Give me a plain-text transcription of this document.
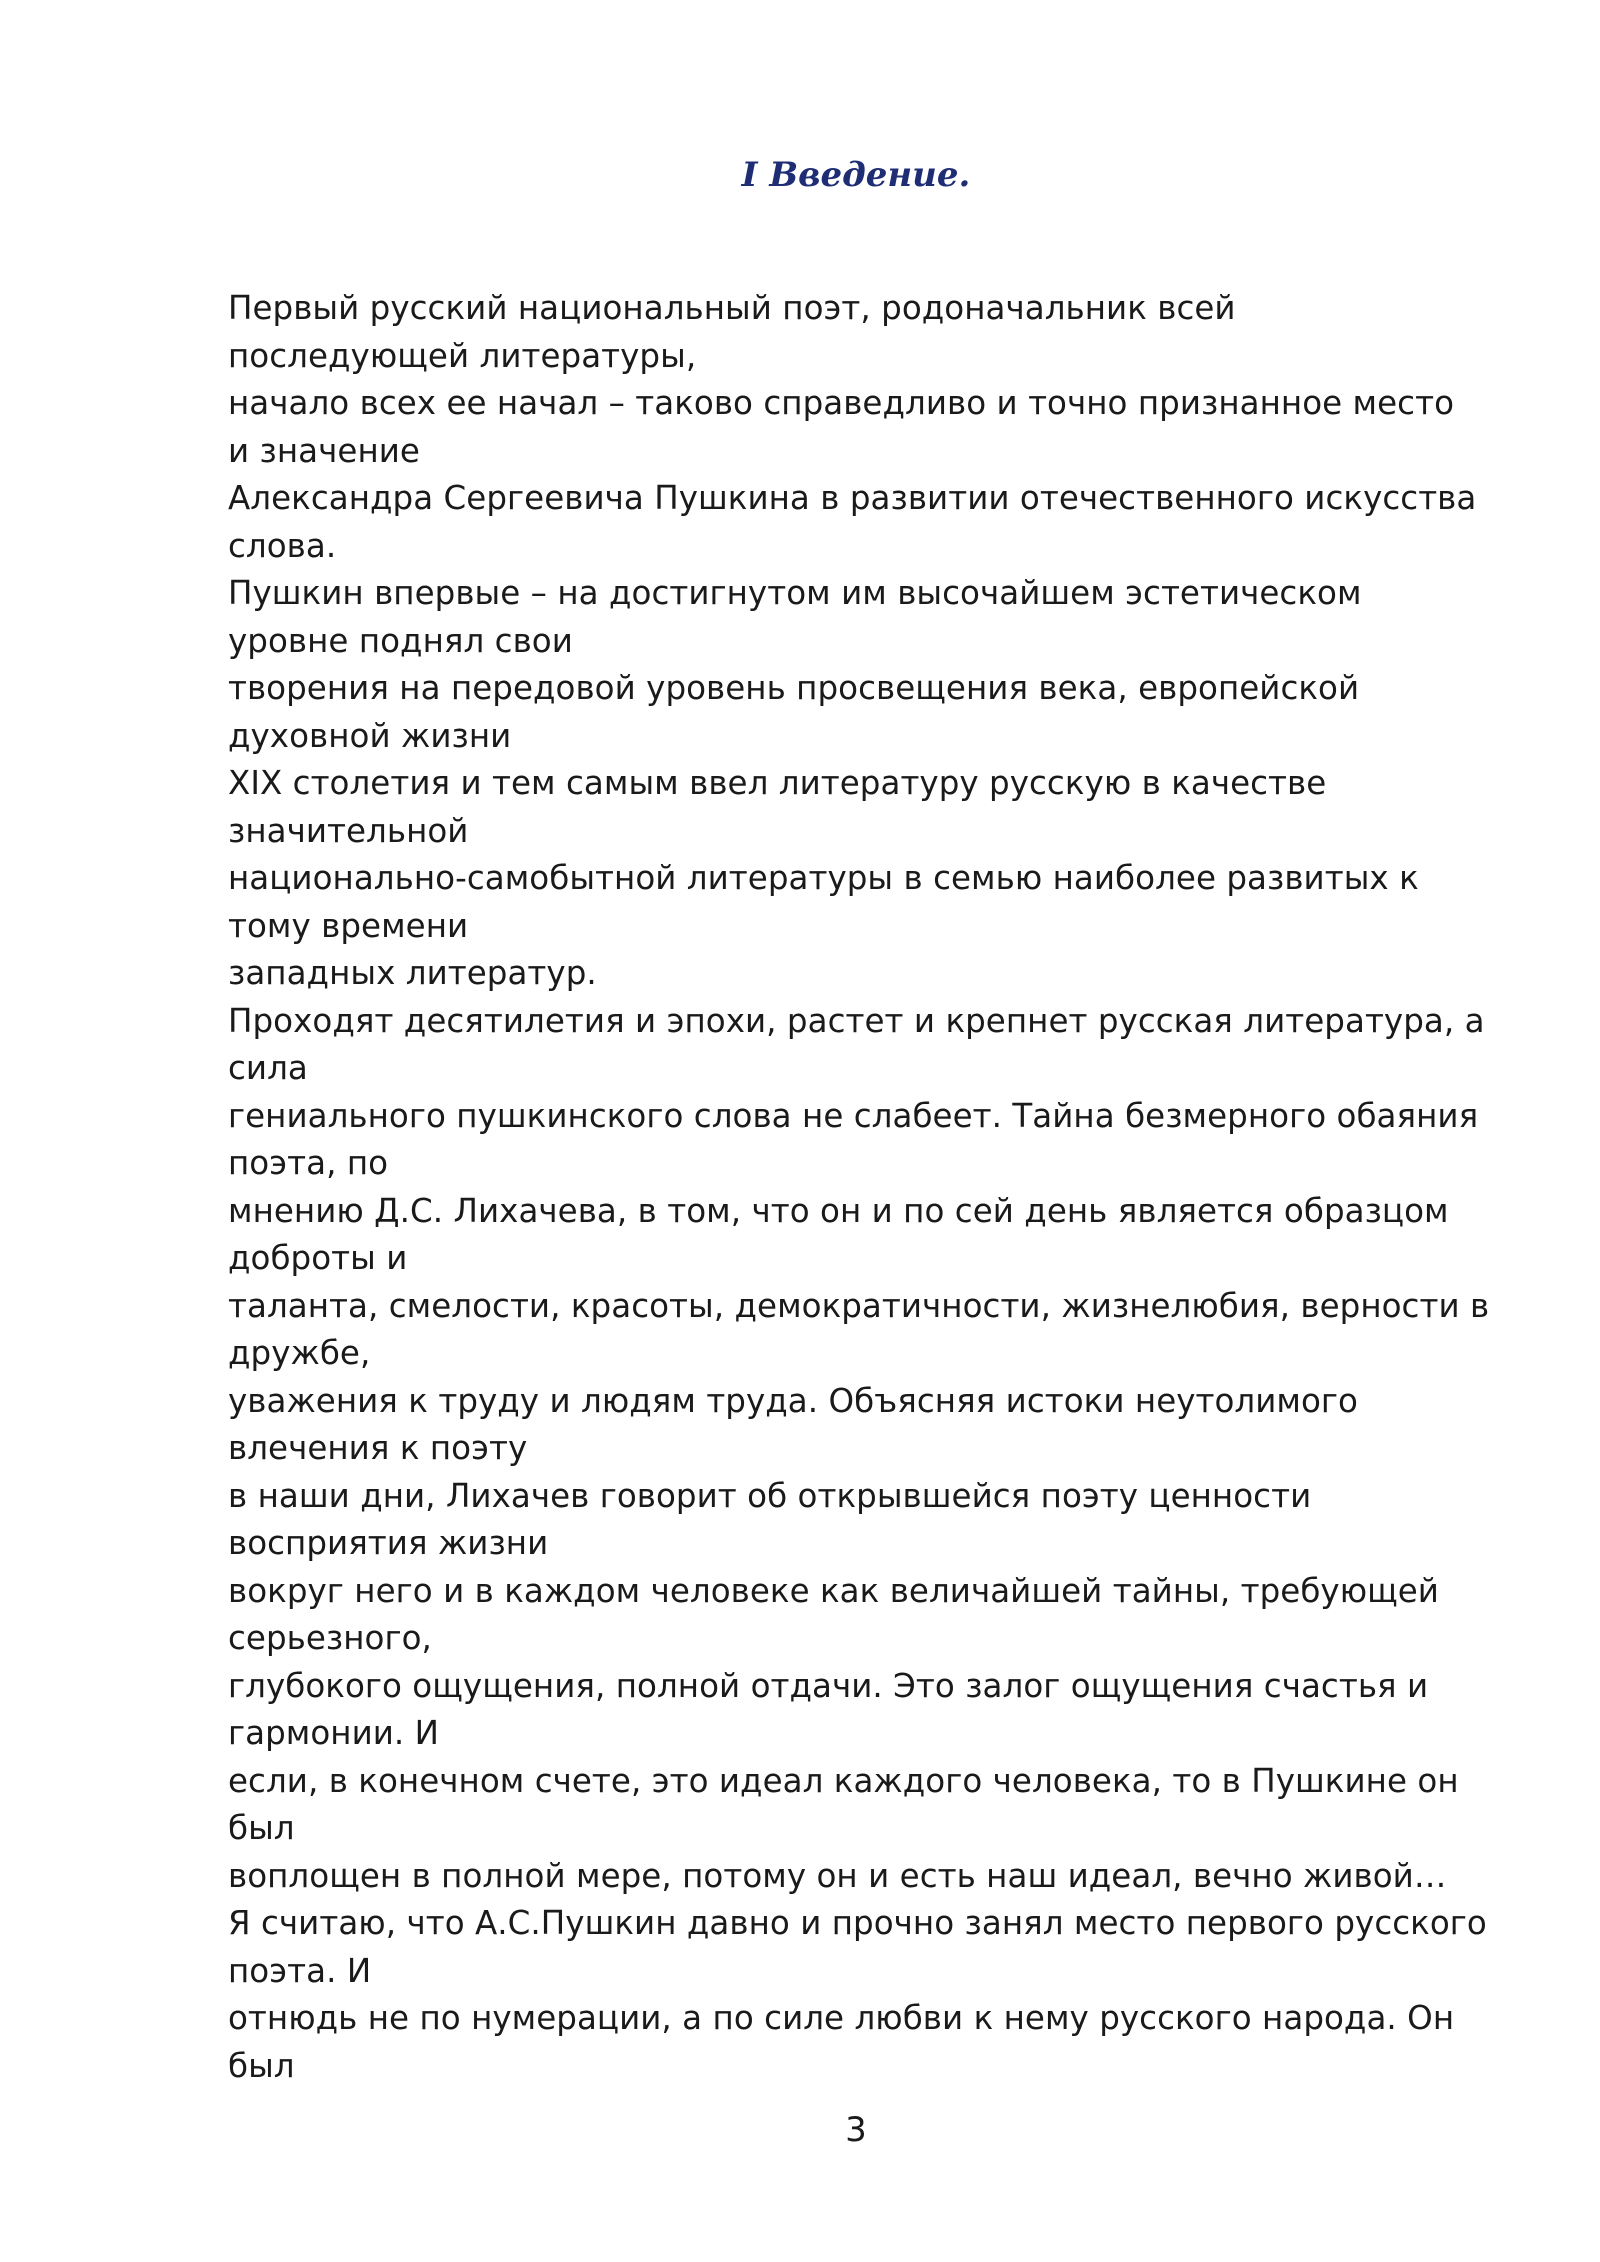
I Введение.
Первый русский национальный поэт, родоначальник всей
последующей литературы,
начало всех ее начал – таково справедливо и точно признанное место
и значение
Александра Сергеевича Пушкина в развитии отечественного искусства
слова.
Пушкин впервые – на достигнутом им высочайшем эстетическом
уровне поднял свои
творения на передовой уровень просвещения века, европейской
духовной жизни
XIX столетия и тем самым ввел литературу русскую в качестве
значительной
национально-самобытной литературы в семью наиболее развитых к
тому времени
западных литератур.
Проходят десятилетия и эпохи, растет и крепнет русская литература, а
сила
гениального пушкинского слова не слабеет. Тайна безмерного обаяния
поэта, по
мнению Д.С. Лихачева, в том, что он и по сей день является образцом
доброты и
таланта, смелости, красоты, демократичности, жизнелюбия, верности в
дружбе,
уважения к труду и людям труда. Объясняя истоки неутолимого
влечения к поэту
в наши дни, Лихачев говорит об открывшейся поэту ценности
восприятия жизни
вокруг него и в каждом человеке как величайшей тайны, требующей
серьезного,
глубокого ощущения, полной отдачи. Это залог ощущения счастья и
гармонии. И
если, в конечном счете, это идеал каждого человека, то в Пушкине он
был
воплощен в полной мере, потому он и есть наш идеал, вечно живой…
Я считаю, что А.С.Пушкин давно и прочно занял место первого русского
поэта. И
отнюдь не по нумерации, а по силе любви к нему русского народа. Он
был
3
